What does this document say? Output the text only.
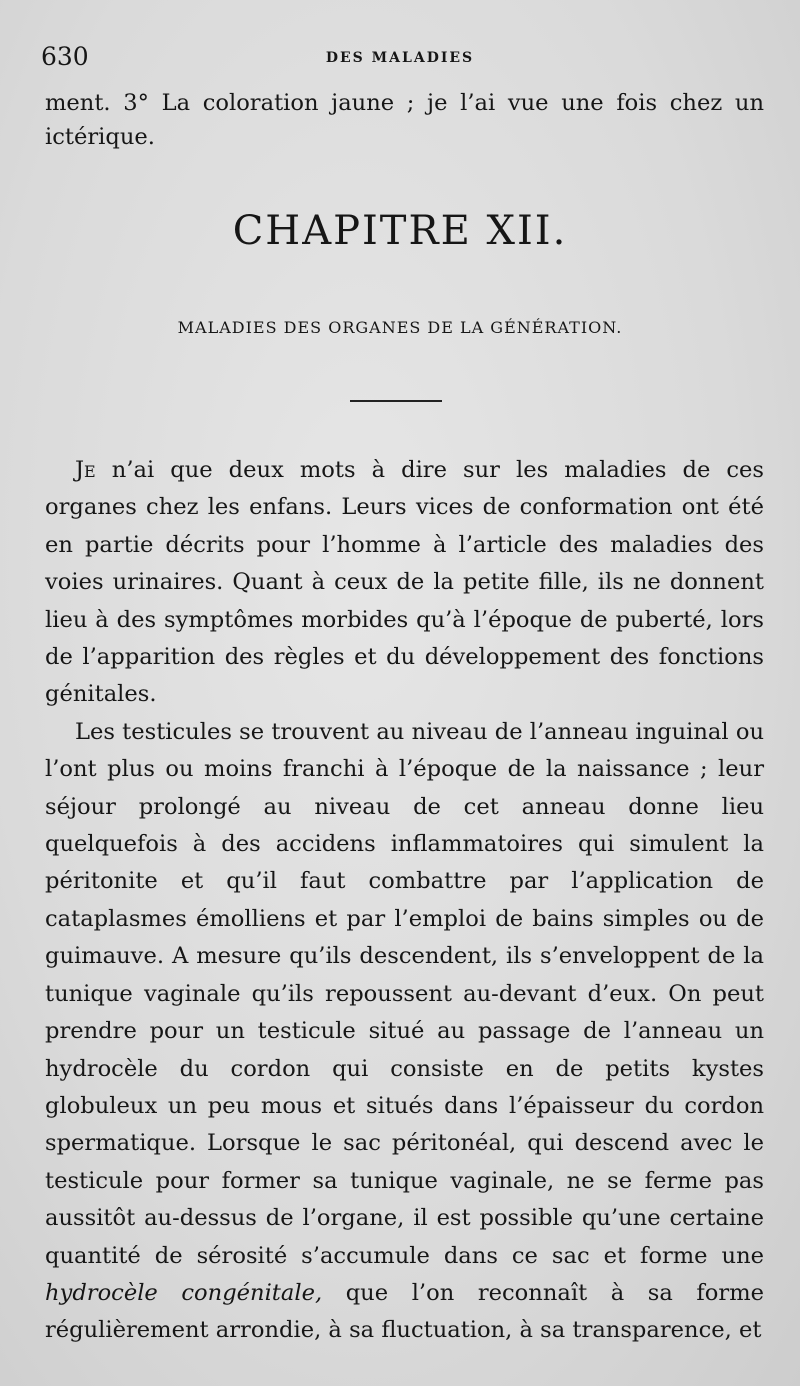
630	DES MALADIES

ment. 3° La coloration jaune ; je l’ai vue une fois chez un ictérique.

CHAPITRE XII.
MALADIES DES ORGANES DE LA GÉNÉRATION.

Je n’ai que deux mots à dire sur les maladies de ces organes chez les enfans. Leurs vices de conformation ont été en partie décrits pour l’homme à l’article des maladies des voies urinaires. Quant à ceux de la petite fille, ils ne donnent lieu à des symptômes morbides qu’à l’époque de puberté, lors de l’apparition des règles et du développement des fonctions génitales.

Les testicules se trouvent au niveau de l’anneau inguinal ou l’ont plus ou moins franchi à l’époque de la naissance ; leur séjour prolongé au niveau de cet anneau donne lieu quelquefois à des accidens inflammatoires qui simulent la péritonite et qu’il faut combattre par l’application de cataplasmes émolliens et par l’emploi de bains simples ou de guimauve. A mesure qu’ils descendent, ils s’enveloppent de la tunique vaginale qu’ils repoussent au-devant d’eux. On peut prendre pour un testicule situé au passage de l’anneau un hydrocèle du cordon qui consiste en de petits kystes globuleux un peu mous et situés dans l’épaisseur du cordon spermatique. Lorsque le sac péritonéal, qui descend avec le testicule pour former sa tunique vaginale, ne se ferme pas aussitôt au-dessus de l’organe, il est possible qu’une certaine quantité de sérosité s’accumule dans ce sac et forme une hydrocèle congénitale, que l’on reconnaît à sa forme régulièrement arrondie, à sa fluctuation, à sa transparence, et
